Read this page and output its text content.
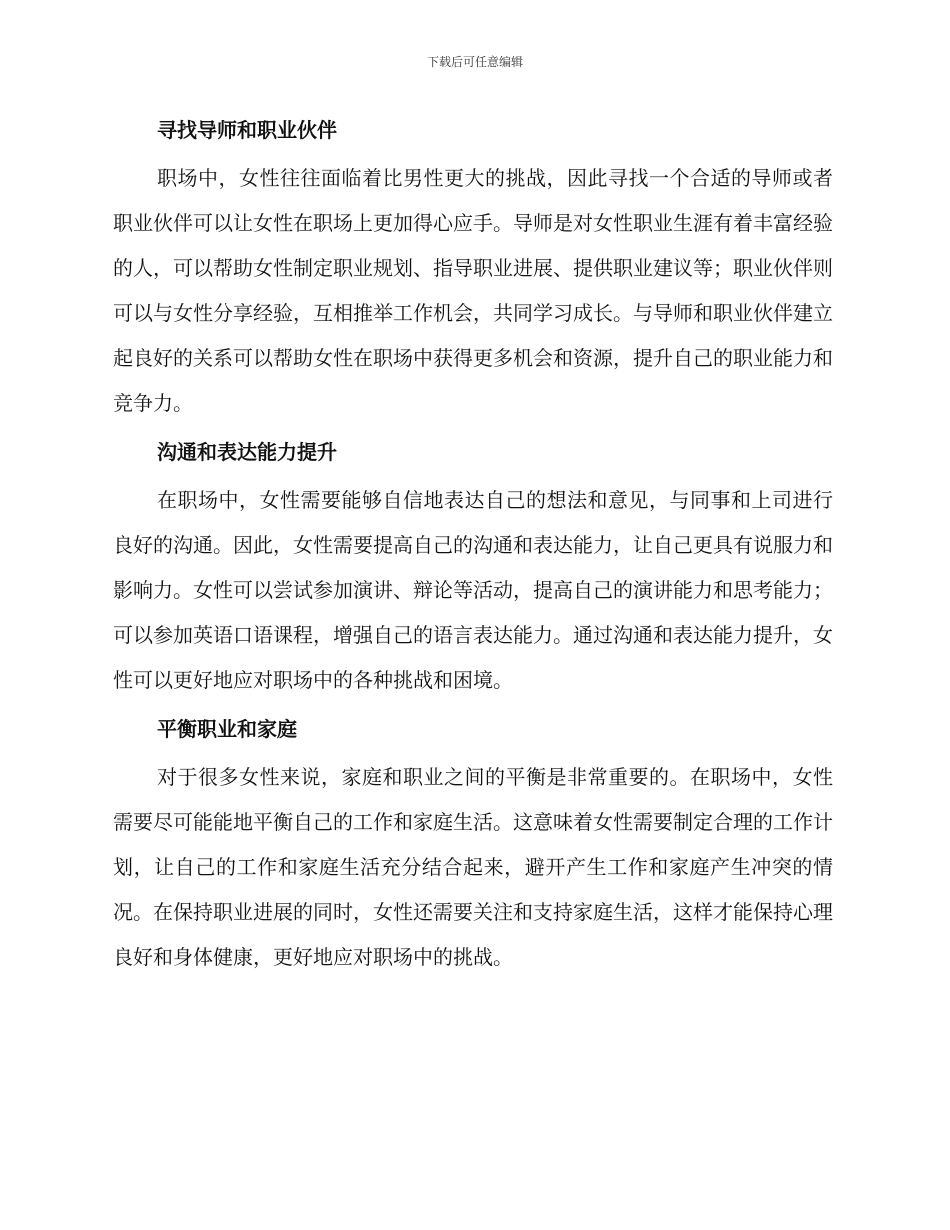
下载后可任意编辑
寻找导师和职业伙伴

职场中，女性往往面临着比男性更大的挑战，因此寻找一个合适的导师或者职业伙伴可以让女性在职场上更加得心应手。导师是对女性职业生涯有着丰富经验的人，可以帮助女性制定职业规划、指导职业进展、提供职业建议等；职业伙伴则可以与女性分享经验，互相推举工作机会，共同学习成长。与导师和职业伙伴建立起良好的关系可以帮助女性在职场中获得更多机会和资源，提升自己的职业能力和竞争力。

沟通和表达能力提升

在职场中，女性需要能够自信地表达自己的想法和意见，与同事和上司进行良好的沟通。因此，女性需要提高自己的沟通和表达能力，让自己更具有说服力和影响力。女性可以尝试参加演讲、辩论等活动，提高自己的演讲能力和思考能力；可以参加英语口语课程，增强自己的语言表达能力。通过沟通和表达能力提升，女性可以更好地应对职场中的各种挑战和困境。

平衡职业和家庭

对于很多女性来说，家庭和职业之间的平衡是非常重要的。在职场中，女性需要尽可能能地平衡自己的工作和家庭生活。这意味着女性需要制定合理的工作计划，让自己的工作和家庭生活充分结合起来，避开产生工作和家庭产生冲突的情况。在保持职业进展的同时，女性还需要关注和支持家庭生活，这样才能保持心理良好和身体健康，更好地应对职场中的挑战。
